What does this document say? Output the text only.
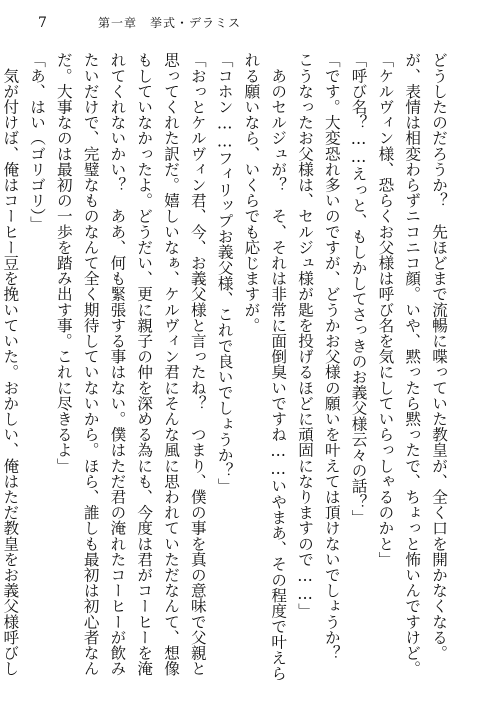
7	第一章　挙式・デラミス
どうしたのだろうか？　先ほどまで流暢に喋っていた教皇が、全く口を開かなくなる。
が、表情は相変わらずニコニコ顔。いや、黙ったら黙ったで、ちょっと怖いんですけど。
「ケルヴィン様、恐らくお父様は呼び名を気にしていらっしゃるのかと」
「呼び名？……えっと、もしかしてさっきのお義父様云々の話？」
「です。大変恐れ多いのですが、どうかお父様の願いを叶えては頂けないでしょうか？
こうなったお父様は、セルジュ様が匙を投げるほどに頑固になりますので……」
　あのセルジュが？　そ、それは非常に面倒臭いですね……いやまあ、その程度で叶えら
れる願いなら、いくらでも応じますが。
「コホン……フィリップお義父様、これで良いでしょうか？」
「おっとケルヴィン君、今、お義父様と言ったね？　つまり、僕の事を真の意味で父親と
思ってくれた訳だ。嬉しいなぁ、ケルヴィン君にそんな風に思われていただなんて、想像
もしていなかったよ。どうだい、更に親子の仲を深める為にも、今度は君がコーヒーを淹
れてくれないかい？　ああ、何も緊張する事はない。僕はただ君の淹れたコーヒーが飲み
たいだけで、完璧なものなんて全く期待していないから。ほら、誰しも最初は初心者なん
だ。大事なのは最初の一歩を踏み出す事。これに尽きるよ」
「あ、はい（ゴリゴリ）」
　気が付けば、俺はコーヒー豆を挽いていた。おかしい、俺はただ教皇をお義父様呼びし
